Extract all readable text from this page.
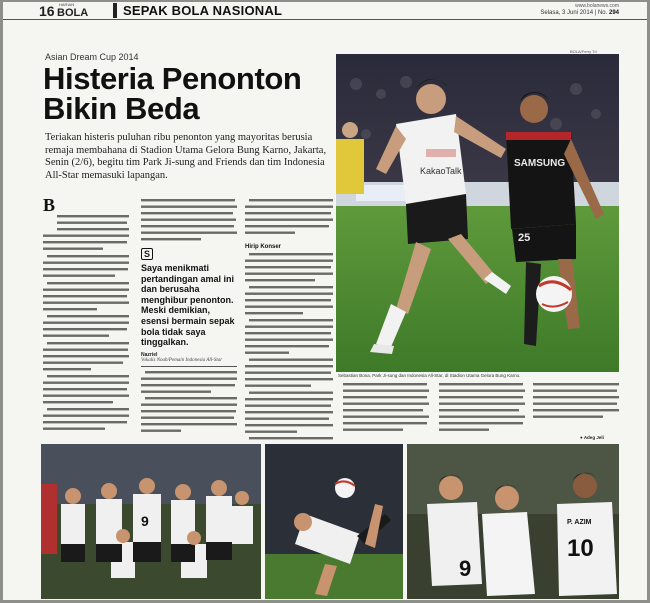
16 HARIAN
BOLA	SEPAK BOLA NASIONAL	www.bolanews.com
Selasa, 3 Juni 2014 | No. 294
Asian Dream Cup 2014
Histeria Penonton
Bikin Beda
Teriakan histeris puluhan ribu penonton yang mayoritas berusia remaja membahana di Stadion Utama Gelora Bung Karno, Jakarta, Senin (2/6), begitu tim Park Ji-sung and Friends dan tim Indonesia All-Star memasuki lapangan.
B
S
Saya menikmati pertandingan amal ini dan berusaha menghibur penonton. Meski demikian, esensi bermain sepak bola tidak saya tinggalkan.
Nazriel
Vokalis Noah/Pemain Indonesia All-Star
Hirip Konser
BOLA/Ferry Tri
KakaoTalk
SAMSUNG
25
Sebastian Bona, Park Ji-sung dan Indonesia All-Star, di Stadion Utama Gelora Bung Karno.
● Adeg Jeli
9
9
P. AZIM
10
